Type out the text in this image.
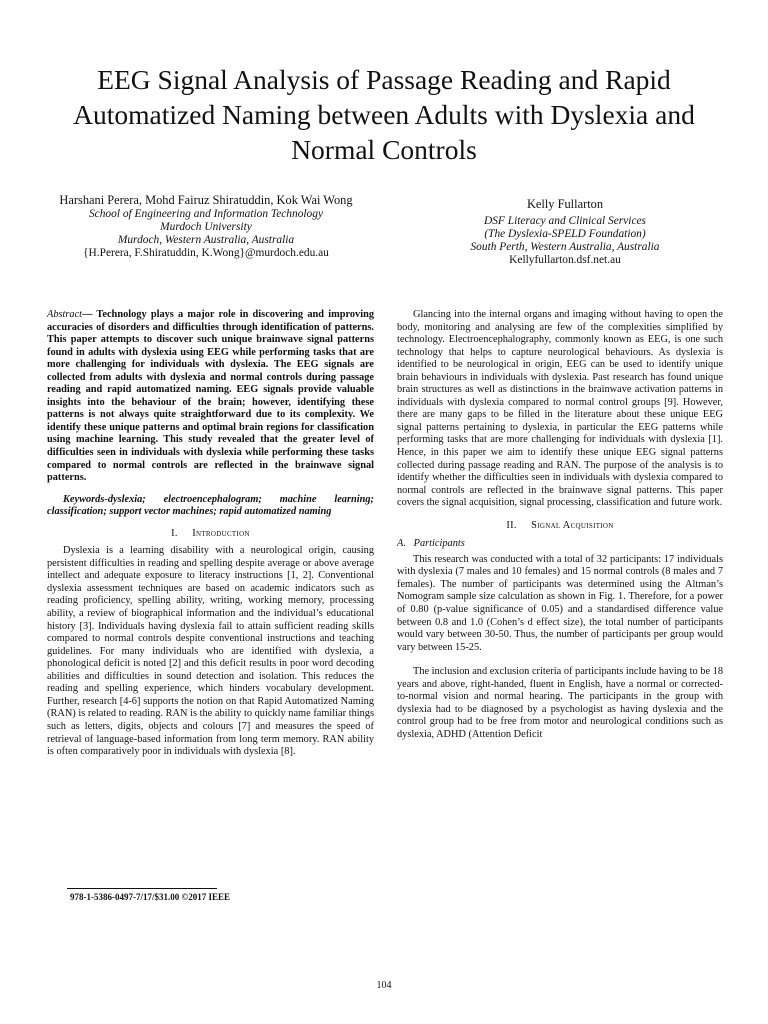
EEG Signal Analysis of Passage Reading and Rapid Automatized Naming between Adults with Dyslexia and Normal Controls
Harshani Perera, Mohd Fairuz Shiratuddin, Kok Wai Wong
School of Engineering and Information Technology
Murdoch University
Murdoch, Western Australia, Australia
{H.Perera, F.Shiratuddin, K.Wong}@murdoch.edu.au
Kelly Fullarton
DSF Literacy and Clinical Services
(The Dyslexia-SPELD Foundation)
South Perth, Western Australia, Australia
Kellyfullarton.dsf.net.au

Abstract— Technology plays a major role in discovering and improving accuracies of disorders and difficulties through identification of patterns. This paper attempts to discover such unique brainwave signal patterns found in adults with dyslexia using EEG while performing tasks that are more challenging for individuals with dyslexia. The EEG signals are collected from adults with dyslexia and normal controls during passage reading and rapid automatized naming. EEG signals provide valuable insights into the behaviour of the brain; however, identifying these patterns is not always quite straightforward due to its complexity. We identify these unique patterns and optimal brain regions for classification using machine learning. This study revealed that the greater level of difficulties seen in individuals with dyslexia while performing these tasks compared to normal controls are reflected in the brainwave signal patterns.

Keywords-dyslexia; electroencephalogram; machine learning; classification; support vector machines; rapid automatized naming

I. Introduction

Dyslexia is a learning disability with a neurological origin, causing persistent difficulties in reading and spelling despite average or above average intellect and adequate exposure to literacy instructions [1, 2]. Conventional dyslexia assessment techniques are based on academic indicators such as reading proficiency, spelling ability, writing, working memory, processing ability, a review of biographical information and the individual’s educational history [3]. Individuals having dyslexia fail to attain sufficient reading skills compared to normal controls despite conventional instructions and teaching guidelines. For many individuals who are identified with dyslexia, a phonological deficit is noted [2] and this deficit results in poor word decoding abilities and difficulties in sound detection and isolation. This reduces the reading and spelling experience, which hinders vocabulary development. Further, research [4-6] supports the notion on that Rapid Automatized Naming (RAN) is related to reading. RAN is the ability to quickly name familiar things such as letters, digits, objects and colours [7] and measures the speed of retrieval of language-based information from long term memory. RAN ability is often comparatively poor in individuals with dyslexia [8].

Glancing into the internal organs and imaging without having to open the body, monitoring and analysing are few of the complexities simplified by technology. Electroencephalography, commonly known as EEG, is one such technology that helps to capture neurological behaviours. As dyslexia is identified to be neurological in origin, EEG can be used to identify unique brain behaviours in individuals with dyslexia. Past research has found unique brain structures as well as distinctions in the brainwave activation patterns in individuals with dyslexia compared to normal control groups [9]. However, there are many gaps to be filled in the literature about these unique EEG signal patterns pertaining to dyslexia, in particular the EEG patterns while performing tasks that are more challenging for individuals with dyslexia [1]. Hence, in this paper we aim to identify these unique EEG signal patterns collected during passage reading and RAN. The purpose of the analysis is to identify whether the difficulties seen in individuals with dyslexia compared to normal controls are reflected in the brainwave signal patterns. This paper covers the signal acquisition, signal processing, classification and future work.

II. Signal Acquisition
A.   Participants

This research was conducted with a total of 32 participants: 17 individuals with dyslexia (7 males and 10 females) and 15 normal controls (8 males and 7 females). The number of participants was determined using the Altman’s Nomogram sample size calculation as shown in Fig. 1. Therefore, for a power of 0.80 (p-value significance of 0.05) and a standardised difference value between 0.8 and 1.0 (Cohen’s d effect size), the total number of participants would vary between 30-50. Thus, the number of participants per group would vary between 15-25.

The inclusion and exclusion criteria of participants include having to be 18 years and above, right-handed, fluent in English, have a normal or corrected-to-normal vision and normal hearing. The participants in the group with dyslexia had to be diagnosed by a psychologist as having dyslexia and the control group had to be free from motor and neurological conditions such as dyslexia, ADHD (Attention Deficit

978-1-5386-0497-7/17/$31.00 ©2017 IEEE
104
